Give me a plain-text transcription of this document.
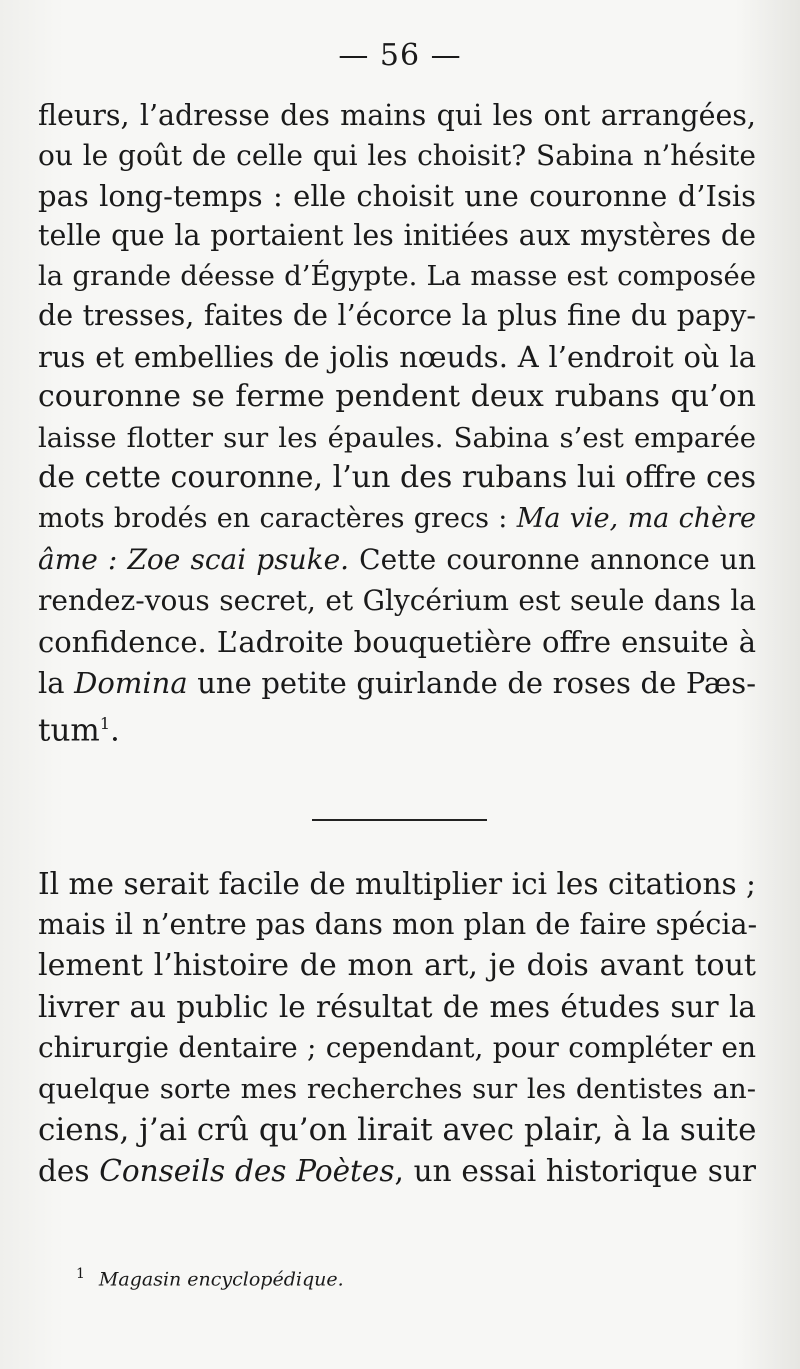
— 56 —
fleurs, l’adresse des mains qui les ont arrangées,
ou le goût de celle qui les choisit? Sabina n’hésite
pas long-temps : elle choisit une couronne d’Isis
telle que la portaient les initiées aux mystères de
la grande déesse d’Égypte. La masse est composée
de tresses, faites de l’écorce la plus fine du papy-
rus et embellies de jolis nœuds. A l’endroit où la
couronne se ferme pendent deux rubans qu’on
laisse flotter sur les épaules. Sabina s’est emparée
de cette couronne, l’un des rubans lui offre ces
mots brodés en caractères grecs : Ma vie, ma chère
âme : Zoe scai psuke. Cette couronne annonce un
rendez-vous secret, et Glycérium est seule dans la
confidence. L’adroite bouquetière offre ensuite à
la Domina une petite guirlande de roses de Pæs-
tum$^1$.
Il me serait facile de multiplier ici les citations ;
mais il n’entre pas dans mon plan de faire spécia-
lement l’histoire de mon art, je dois avant tout
livrer au public le résultat de mes études sur la
chirurgie dentaire ; cependant, pour compléter en
quelque sorte mes recherches sur les dentistes an-
ciens, j’ai crû qu’on lirait avec plair, à la suite
des Conseils des Poètes, un essai historique sur
$^1$ Magasin encyclopédique.
